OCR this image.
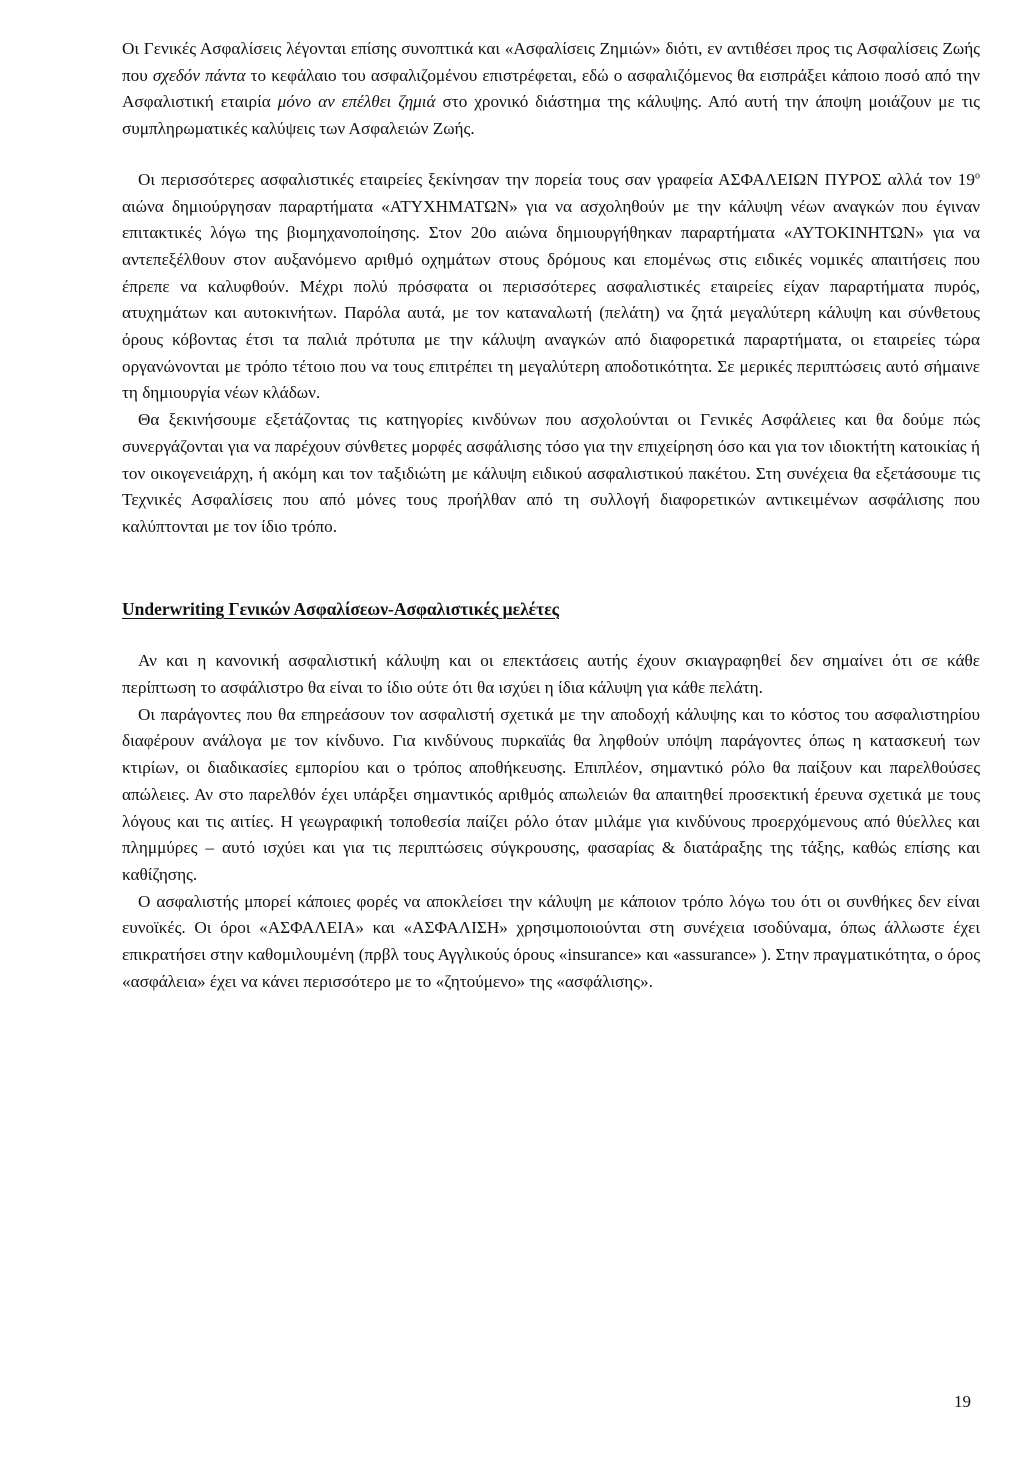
Οι Γενικές Ασφαλίσεις λέγονται επίσης συνοπτικά και «Ασφαλίσεις Ζημιών» διότι, εν αντιθέσει προς τις Ασφαλίσεις Ζωής που σχεδόν πάντα το κεφάλαιο του ασφαλιζομένου επιστρέφεται, εδώ ο ασφαλιζόμενος θα εισπράξει κάποιο ποσό από την Ασφαλιστική εταιρία μόνο αν επέλθει ζημιά στο χρονικό διάστημα της κάλυψης. Από αυτή την άποψη μοιάζουν με τις συμπληρωματικές καλύψεις των Ασφαλειών Ζωής.

Οι περισσότερες ασφαλιστικές εταιρείες ξεκίνησαν την πορεία τους σαν γραφεία ΑΣΦΑΛΕΙΩΝ ΠΥΡΟΣ αλλά τον $19^o$ αιώνα δημιούργησαν παραρτήματα «ΑΤΥΧΗΜΑΤΩΝ» για να ασχοληθούν με την κάλυψη νέων αναγκών που έγιναν επιτακτικές λόγω της βιομηχανοποίησης. Στον 20ο αιώνα δημιουργήθηκαν παραρτήματα «ΑΥΤΟΚΙΝΗΤΩΝ» για να αντεπεξέλθουν στον αυξανόμενο αριθμό οχημάτων στους δρόμους και επομένως στις ειδικές νομικές απαιτήσεις που έπρεπε να καλυφθούν. Μέχρι πολύ πρόσφατα οι περισσότερες ασφαλιστικές εταιρείες είχαν παραρτήματα πυρός, ατυχημάτων και αυτοκινήτων. Παρόλα αυτά, με τον καταναλωτή (πελάτη) να ζητά μεγαλύτερη κάλυψη και σύνθετους όρους κόβοντας έτσι τα παλιά πρότυπα με την κάλυψη αναγκών από διαφορετικά παραρτήματα, οι εταιρείες τώρα οργανώνονται με τρόπο τέτοιο που να τους επιτρέπει τη μεγαλύτερη αποδοτικότητα. Σε μερικές περιπτώσεις αυτό σήμαινε τη δημιουργία νέων κλάδων.

Θα ξεκινήσουμε εξετάζοντας τις κατηγορίες κινδύνων που ασχολούνται οι Γενικές Ασφάλειες και θα δούμε πώς συνεργάζονται για να παρέχουν σύνθετες μορφές ασφάλισης τόσο για την επιχείρηση όσο και για τον ιδιοκτήτη κατοικίας ή τον οικογενειάρχη, ή ακόμη και τον ταξιδιώτη με κάλυψη ειδικού ασφαλιστικού πακέτου. Στη συνέχεια θα εξετάσουμε τις Τεχνικές Ασφαλίσεις που από μόνες τους προήλθαν από τη συλλογή διαφορετικών αντικειμένων ασφάλισης που καλύπτονται με τον ίδιο τρόπο.

Underwriting Γενικών Ασφαλίσεων-Ασφαλιστικές μελέτες

Αν και η κανονική ασφαλιστική κάλυψη και οι επεκτάσεις αυτής έχουν σκιαγραφηθεί δεν σημαίνει ότι σε κάθε περίπτωση το ασφάλιστρο θα είναι το ίδιο ούτε ότι θα ισχύει η ίδια κάλυψη για κάθε πελάτη.

Οι παράγοντες που θα επηρεάσουν τον ασφαλιστή σχετικά με την αποδοχή κάλυψης και το κόστος του ασφαλιστηρίου διαφέρουν ανάλογα με τον κίνδυνο. Για κινδύνους πυρκαϊάς θα ληφθούν υπόψη παράγοντες όπως η κατασκευή των κτιρίων, οι διαδικασίες εμπορίου και ο τρόπος αποθήκευσης. Επιπλέον, σημαντικό ρόλο θα παίξουν και παρελθούσες απώλειες. Αν στο παρελθόν έχει υπάρξει σημαντικός αριθμός απωλειών θα απαιτηθεί προσεκτική έρευνα σχετικά με τους λόγους και τις αιτίες. Η γεωγραφική τοποθεσία παίζει ρόλο όταν μιλάμε για κινδύνους προερχόμενους από θύελλες και πλημμύρες – αυτό ισχύει και για τις περιπτώσεις σύγκρουσης, φασαρίας & διατάραξης της τάξης, καθώς επίσης και καθίζησης.

Ο ασφαλιστής μπορεί κάποιες φορές να αποκλείσει την κάλυψη με κάποιον τρόπο λόγω του ότι οι συνθήκες δεν είναι ευνοϊκές. Οι όροι «ΑΣΦΑΛΕΙΑ» και «ΑΣΦΑΛΙΣΗ» χρησιμοποιούνται στη συνέχεια ισοδύναμα, όπως άλλωστε έχει επικρατήσει στην καθομιλουμένη (πρβλ τους Αγγλικούς όρους «insurance» και «assurance» ). Στην πραγματικότητα, ο όρος «ασφάλεια» έχει να κάνει περισσότερο με το «ζητούμενο» της «ασφάλισης».

19
